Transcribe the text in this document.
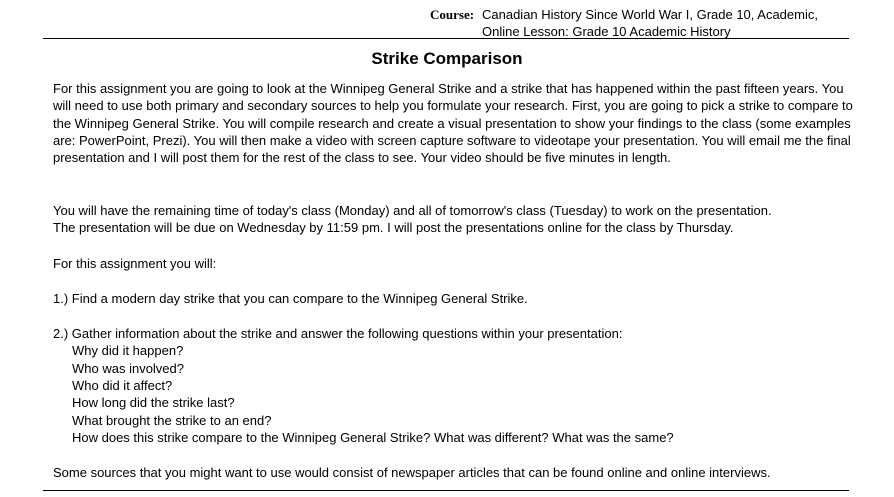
Course: Canadian History Since World War I, Grade 10, Academic,
Online Lesson: Grade 10 Academic History
Strike Comparison

For this assignment you are going to look at the Winnipeg General Strike and a strike that has happened within the past fifteen years. You will need to use both primary and secondary sources to help you formulate your research. First, you are going to pick a strike to compare to the Winnipeg General Strike. You will compile research and create a visual presentation to show your findings to the class (some examples are: PowerPoint, Prezi). You will then make a video with screen capture software to videotape your presentation. You will email me the final presentation and I will post them for the rest of the class to see. Your video should be five minutes in length.

You will have the remaining time of today's class (Monday) and all of tomorrow's class (Tuesday) to work on the presentation.

The presentation will be due on Wednesday by 11:59 pm. I will post the presentations online for the class by Thursday.

For this assignment you will:

1.) Find a modern day strike that you can compare to the Winnipeg General Strike.

2.) Gather information about the strike and answer the following questions within your presentation:

Why did it happen?
Who was involved?
Who did it affect?
How long did the strike last?
What brought the strike to an end?
How does this strike compare to the Winnipeg General Strike? What was different? What was the same?

Some sources that you might want to use would consist of newspaper articles that can be found online and online interviews.
